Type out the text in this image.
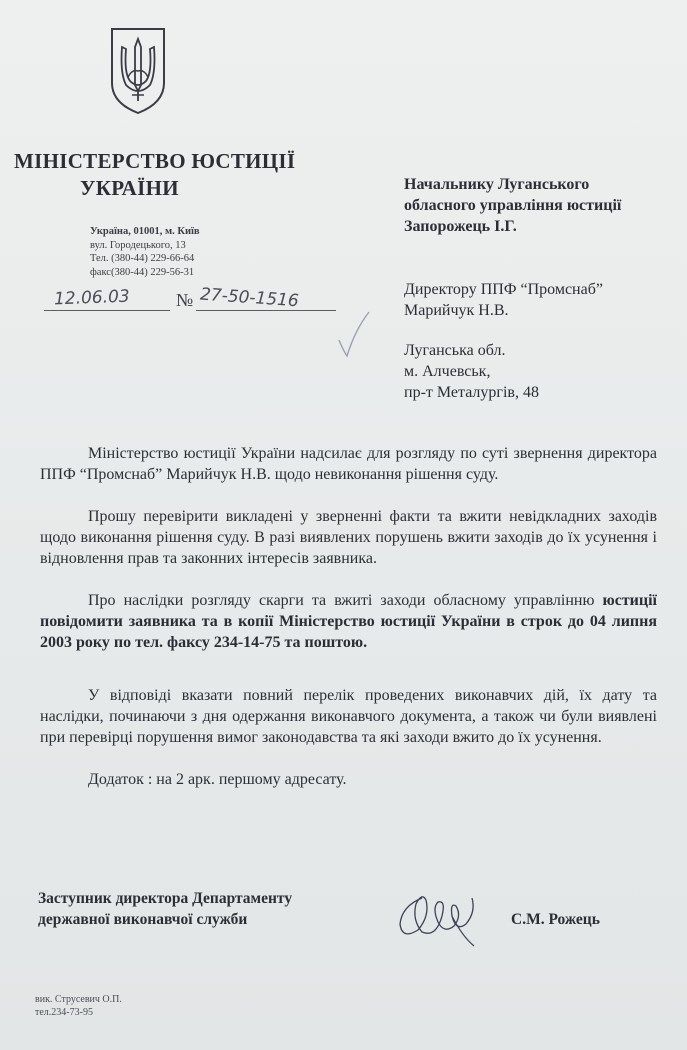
МІНІСТЕРСТВО ЮСТИЦІЇ
УКРАЇНИ
Україна, 01001, м. Київ
вул. Городецького, 13
Тел. (380-44) 229-66-64
факс(380-44) 229-56-31
12.06.03	№ 27-50-1516
Начальнику Луганського
обласного управління юстиції
Запорожець І.Г.
Директору ППФ “Промснаб”
Марийчук Н.В.
Луганська обл.
м. Алчевськ,
пр-т Металургів, 48

Міністерство юстиції України надсилає для розгляду по суті звернення директора ППФ “Промснаб” Марийчук Н.В. щодо невиконання рішення суду.

Прошу перевірити викладені у зверненні факти та вжити невідкладних заходів щодо виконання рішення суду. В разі виявлених порушень вжити заходів до їх усунення і відновлення прав та законних інтересів заявника.

Про наслідки розгляду скарги та вжиті заходи обласному управлінню юстиції повідомити заявника та в копії Міністерство юстиції України в строк до 04 липня 2003 року по тел. факсу 234-14-75 та поштою.

У відповіді вказати повний перелік проведених виконавчих дій, їх дату та наслідки, починаючи з дня одержання виконавчого документа, а також чи були виявлені при перевірці порушення вимог законодавства та які заходи вжито до їх усунення.

Додаток : на 2 арк. першому адресату.

Заступник директора Департаменту
державної виконавчої служби	С.М. Рожець
вик. Струсевич О.П.
тел.234-73-95
